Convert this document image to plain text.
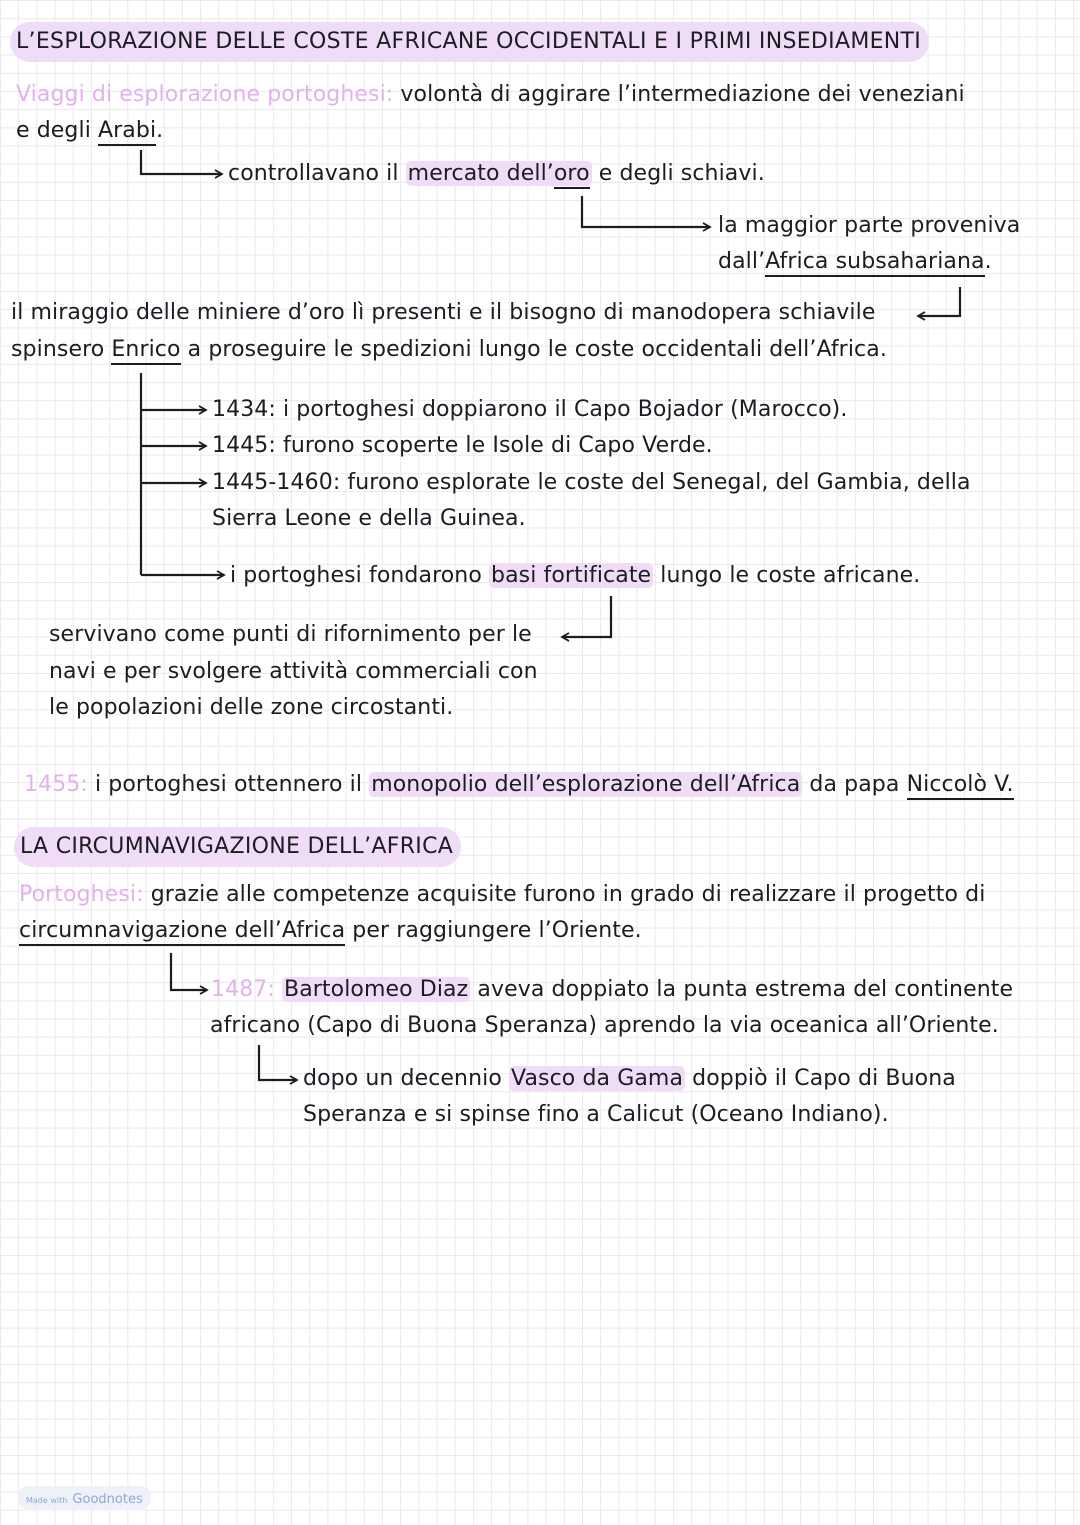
L’ESPLORAZIONE DELLE COSTE AFRICANE OCCIDENTALI E I PRIMI INSEDIAMENTI
Viaggi di esplorazione portoghesi: volontà di aggirare l’intermediazione dei veneziani
e degli Arabi.
controllavano il mercato dell’oro e degli schiavi.
la maggior parte proveniva
dall’Africa subsahariana.
il miraggio delle miniere d’oro lì presenti e il bisogno di manodopera schiavile
spinsero Enrico a proseguire le spedizioni lungo le coste occidentali dell’Africa.
1434: i portoghesi doppiarono il Capo Bojador (Marocco).
1445: furono scoperte le Isole di Capo Verde.
1445-1460: furono esplorate le coste del Senegal, del Gambia, della
Sierra Leone e della Guinea.
i portoghesi fondarono basi fortificate lungo le coste africane.
servivano come punti di rifornimento per le
navi e per svolgere attività commerciali con
le popolazioni delle zone circostanti.
1455: i portoghesi ottennero il monopolio dell’esplorazione dell’Africa da papa Niccolò V.
LA CIRCUMNAVIGAZIONE DELL’AFRICA
Portoghesi: grazie alle competenze acquisite furono in grado di realizzare il progetto di
circumnavigazione dell’Africa per raggiungere l’Oriente.
1487: Bartolomeo Diaz aveva doppiato la punta estrema del continente
africano (Capo di Buona Speranza) aprendo la via oceanica all’Oriente.
dopo un decennio Vasco da Gama doppiò il Capo di Buona
Speranza e si spinse fino a Calicut (Oceano Indiano).
Made with Goodnotes
